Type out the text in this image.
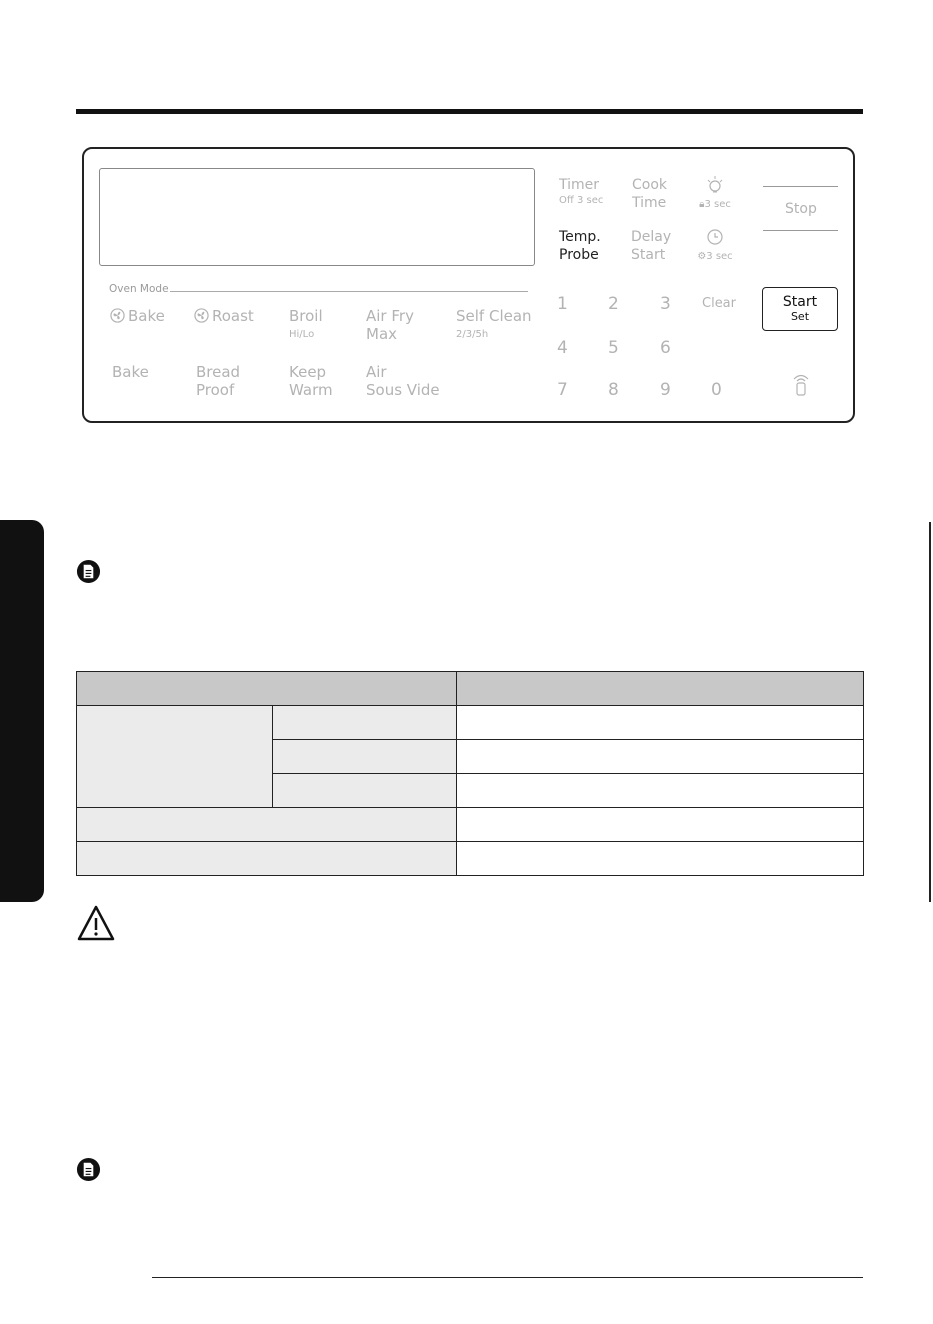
Oven Mode
Bake	Roast Broil
Hi/Lo
Air Fry
Max
Self Clean
2/3/5h
Bake	Bread
Proof
Keep
Warm
Air
Sous Vide
Timer
Off 3 sec
Cook
Time	🔒︎3 sec
Temp.
Probe
Delay
Start	⚙3 sec
1 2 3 Clear
4 5 6
7 8 9 0
Stop
Start
Set
